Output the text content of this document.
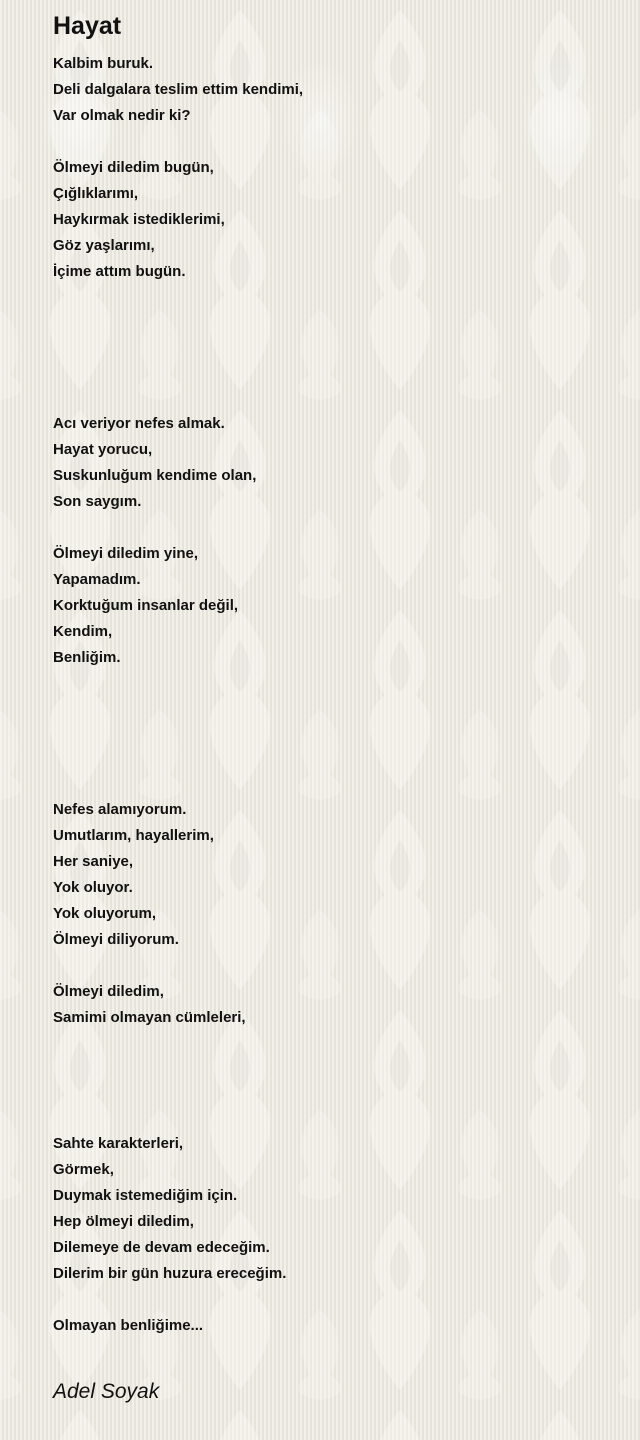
Hayat

Kalbim buruk.

Deli dalgalara teslim ettim kendimi,

Var olmak nedir ki?

Ölmeyi diledim bugün,

Çığlıklarımı,

Haykırmak istediklerimi,

Göz yaşlarımı,

İçime attım bugün.

Acı veriyor nefes almak.

Hayat yorucu,

Suskunluğum kendime olan,

Son saygım.

Ölmeyi diledim yine,

Yapamadım.

Korktuğum insanlar değil,

Kendim,

Benliğim.

Nefes alamıyorum.

Umutlarım, hayallerim,

Her saniye,

Yok oluyor.

Yok oluyorum,

Ölmeyi diliyorum.

Ölmeyi diledim,

Samimi olmayan cümleleri,

Sahte karakterleri,

Görmek,

Duymak istemediğim için.

Hep ölmeyi diledim,

Dilemeye de devam edeceğim.

Dilerim bir gün huzura ereceğim.

Olmayan benliğime...

Adel Soyak
